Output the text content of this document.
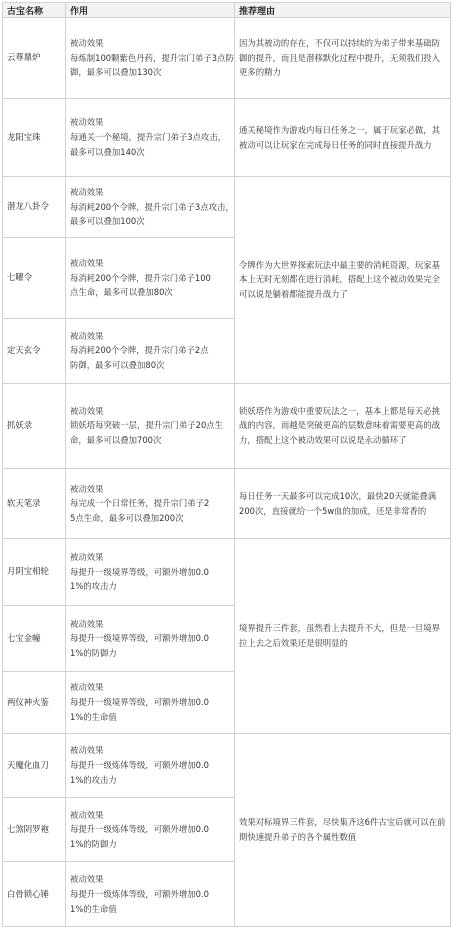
古宝名称	作用	推荐理由
云尊鼎炉	被动效果
每炼制100颗紫色丹药，提升宗门弟子3点防
御，最多可以叠加130次	因为其被动的存在，不仅可以持续的为弟子带来基础防
御的提升，而且是潜移默化过程中提升，无须我们投入
更多的精力

龙阳宝珠	被动效果
每通关一个秘境，提升宗门弟子3点攻击，
最多可以叠加140次	通关秘境作为游戏内每日任务之一，属于玩家必做，其
被动可以让玩家在完成每日任务的同时直接提升战力

潜龙八卦令	被动效果
每消耗200个令牌，提升宗门弟子3点攻击，
最多可以叠加100次	令牌作为大世界探索玩法中最主要的消耗资源，玩家基
本上无时无刻都在进行消耗，搭配上这个被动效果完全
可以说是躺着都能提升战力了

七曜令	被动效果
每消耗200个令牌，提升宗门弟子100
点生命，最多可以叠加80次	

定天玄令	被动效果
每消耗200个令牌，提升宗门弟子2点
防御，最多可以叠加80次	

抓妖录	被动效果
锁妖塔每突破一层，提升宗门弟子20点生
命，最多可以叠加700次	锁妖塔作为游戏中重要玩法之一，基本上都是每天必挑
战的内容，而越是突破更高的层数意味着需要更高的战
力，搭配上这个被动效果可以说是永动循环了

软天笔录	被动效果
每完成一个日常任务，提升宗门弟子2
5点生命，最多可以叠加200次	每日任务一天最多可以完成10次，最快20天就能叠满
200次，直接就给一个5w血的加成，还是非常香的

月阴宝相轮	被动效果
每提升一级境界等级，可额外增加0.0
1%的攻击力	境界提升三件套，虽然看上去提升不大，但是一旦境界
拉上去之后效果还是很明显的

七宝金幢	被动效果
每提升一级境界等级，可额外增加0.0
1%的防御力	

两仪神火鉴	被动效果
每提升一级境界等级，可额外增加0.0
1%的生命值	

天魔化血刀	被动效果
每提升一级炼体等级，可额外增加0.0
1%的攻击力	效果对标境界三件套，尽快集齐这6件古宝后就可以在前
期快速提升弟子的各个属性数值

七煞阴罗袍	被动效果
每提升一级炼体等级，可额外增加0.0
1%的防御力	

白骨锁心锤	被动效果
每提升一级炼体等级，可额外增加0.0
1%的生命值	
